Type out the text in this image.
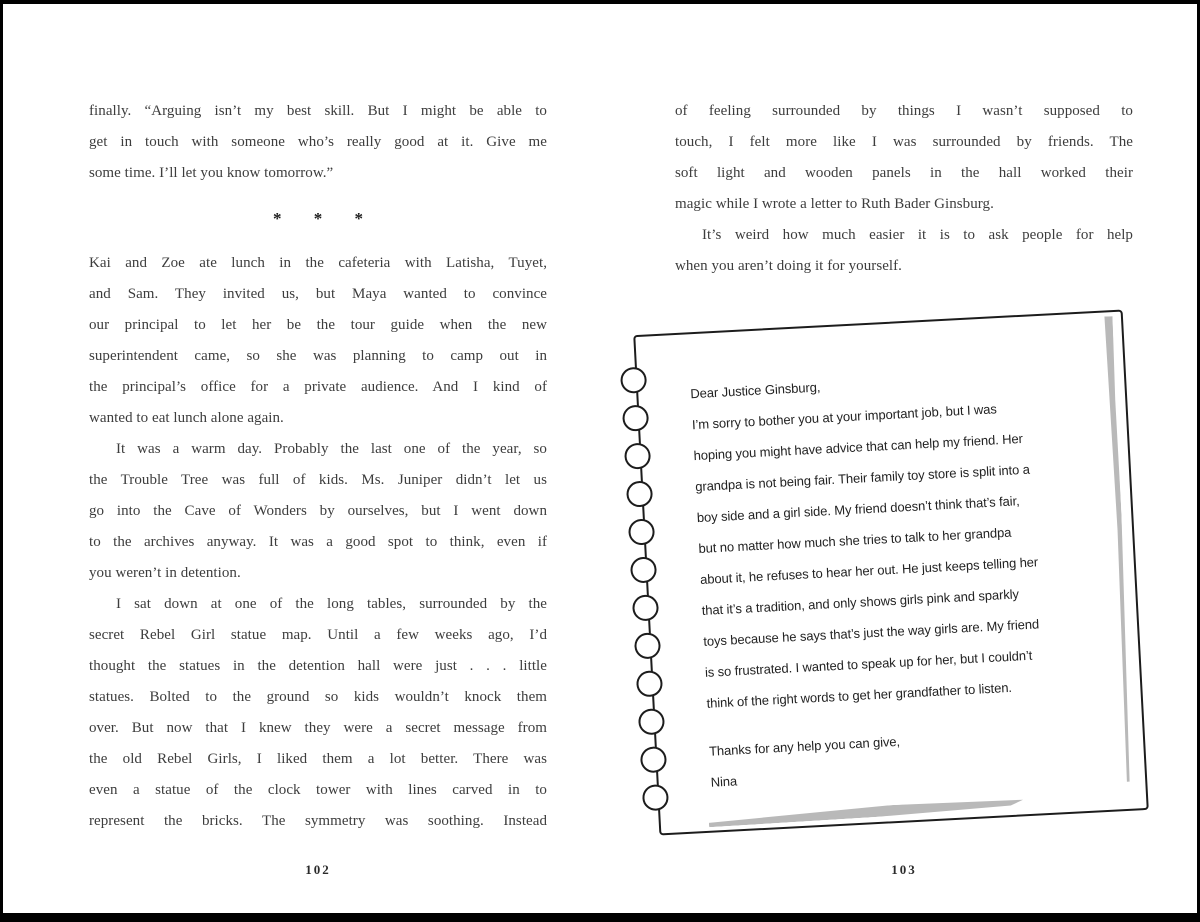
finally. “Arguing isn’t my best skill. But I might be able to
get in touch with someone who’s really good at it. Give me
some time. I’ll let you know tomorrow.”
* * *
Kai and Zoe ate lunch in the cafeteria with Latisha, Tuyet,
and Sam. They invited us, but Maya wanted to convince
our principal to let her be the tour guide when the new
superintendent came, so she was planning to camp out in
the principal’s office for a private audience. And I kind of
wanted to eat lunch alone again.
It was a warm day. Probably the last one of the year, so
the Trouble Tree was full of kids. Ms. Juniper didn’t let us
go into the Cave of Wonders by ourselves, but I went down
to the archives anyway. It was a good spot to think, even if
you weren’t in detention.
I sat down at one of the long tables, surrounded by the
secret Rebel Girl statue map. Until a few weeks ago, I’d
thought the statues in the detention hall were just . . . little
statues. Bolted to the ground so kids wouldn’t knock them
over. But now that I knew they were a secret message from
the old Rebel Girls, I liked them a lot better. There was
even a statue of the clock tower with lines carved in to
represent the bricks. The symmetry was soothing. Instead
102
of feeling surrounded by things I wasn’t supposed to
touch, I felt more like I was surrounded by friends. The
soft light and wooden panels in the hall worked their
magic while I wrote a letter to Ruth Bader Ginsburg.
It’s weird how much easier it is to ask people for help
when you aren’t doing it for yourself.
103
Dear Justice Ginsburg,
I’m sorry to bother you at your important job, but I was
hoping you might have advice that can help my friend. Her
grandpa is not being fair. Their family toy store is split into a
boy side and a girl side. My friend doesn’t think that’s fair,
but no matter how much she tries to talk to her grandpa
about it, he refuses to hear her out. He just keeps telling her
that it’s a tradition, and only shows girls pink and sparkly
toys because he says that’s just the way girls are. My friend
is so frustrated. I wanted to speak up for her, but I couldn’t
think of the right words to get her grandfather to listen.
Thanks for any help you can give,
Nina
